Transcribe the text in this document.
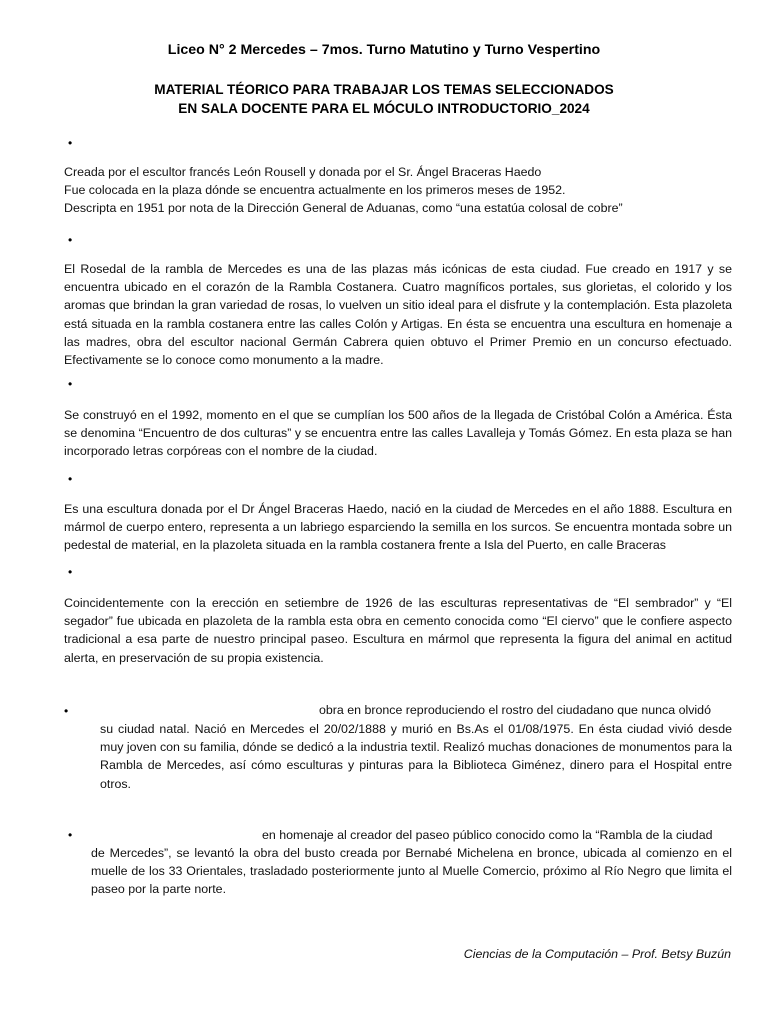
Liceo N° 2 Mercedes – 7mos. Turno Matutino y Turno Vespertino
MATERIAL TÉORICO PARA TRABAJAR LOS TEMAS SELECCIONADOS
EN SALA DOCENTE PARA EL MÓCULO INTRODUCTORIO_2024
•
Creada por el escultor francés León Rousell y donada por el Sr. Ángel Braceras Haedo
Fue colocada en la plaza dónde se encuentra actualmente en los primeros meses de 1952.
Descripta en 1951 por nota de la Dirección General de Aduanas, como “una estatúa colosal de cobre”
•
El Rosedal de la rambla de Mercedes es una de las plazas más icónicas de esta ciudad. Fue creado en 1917 y se encuentra ubicado en el corazón de la Rambla Costanera. Cuatro magníficos portales, sus glorietas, el colorido y los aromas que brindan la gran variedad de rosas, lo vuelven un sitio ideal para el disfrute y la contemplación. Esta plazoleta está situada en la rambla costanera entre las calles Colón y Artigas. En ésta se encuentra una escultura en homenaje a las madres, obra del escultor nacional Germán Cabrera quien obtuvo el Primer Premio en un concurso efectuado. Efectivamente se lo conoce como monumento a la madre.
•
Se construyó en el 1992, momento en el que se cumplían los 500 años de la llegada de Cristóbal Colón a América. Ésta se denomina “Encuentro de dos culturas” y se encuentra entre las calles Lavalleja y Tomás Gómez. En esta plaza se han incorporado letras corpóreas con el nombre de la ciudad.
•
Es una escultura donada por el Dr Ángel Braceras Haedo, nació en la ciudad de Mercedes en el año 1888. Escultura en mármol de cuerpo entero, representa a un labriego esparciendo la semilla en los surcos. Se encuentra montada sobre un pedestal de material, en la plazoleta situada en la rambla costanera frente a Isla del Puerto, en calle Braceras
•
Coincidentemente con la erección en setiembre de 1926 de las esculturas representativas de “El sembrador” y “El segador” fue ubicada en plazoleta de la rambla esta obra en cemento conocida como “El ciervo” que le confiere aspecto tradicional a esa parte de nuestro principal paseo. Escultura en mármol que representa la figura del animal en actitud alerta, en preservación de su propia existencia.
•	obra en bronce reproduciendo el rostro del ciudadano que nunca olvidó
su ciudad natal. Nació en Mercedes el 20/02/1888 y murió en Bs.As el 01/08/1975. En ésta ciudad vivió desde muy joven con su familia, dónde se dedicó a la industria textil. Realizó muchas donaciones de monumentos para la Rambla de Mercedes, así cómo esculturas y pinturas para la Biblioteca Giménez, dinero para el Hospital entre otros.
•	en homenaje al creador del paseo público conocido como la “Rambla de la ciudad
de Mercedes”, se levantó la obra del busto creada por Bernabé Michelena en bronce, ubicada al comienzo en el muelle de los 33 Orientales, trasladado posteriormente junto al Muelle Comercio, próximo al Río Negro que limita el paseo por la parte norte.
Ciencias de la Computación – Prof. Betsy Buzún
